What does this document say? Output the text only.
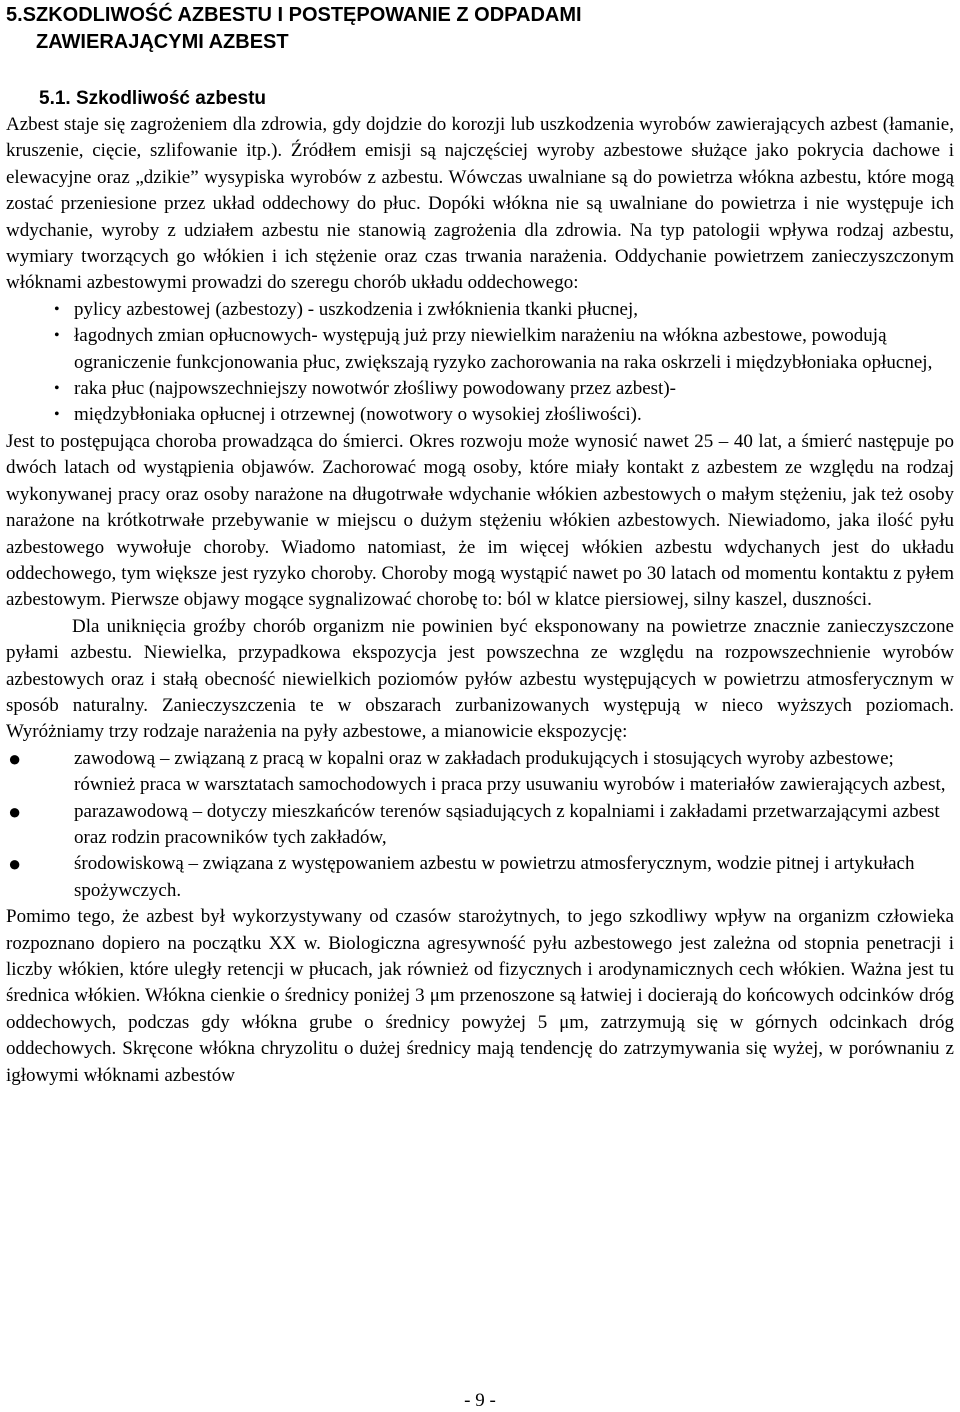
5.SZKODLIWOŚĆ AZBESTU I POSTĘPOWANIE Z ODPADAMI
ZAWIERAJĄCYMI AZBEST
5.1. Szkodliwość azbestu

Azbest staje się zagrożeniem dla zdrowia, gdy dojdzie do korozji lub uszkodzenia wyrobów zawierających azbest (łamanie, kruszenie, cięcie, szlifowanie itp.). Źródłem emisji są najczęściej wyroby azbestowe służące jako pokrycia dachowe i elewacyjne oraz „dzikie” wysypiska wyrobów z azbestu. Wówczas uwalniane są do powietrza włókna azbestu, które mogą zostać przeniesione przez układ oddechowy do płuc. Dopóki włókna nie są uwalniane do powietrza i nie występuje ich wdychanie, wyroby z udziałem azbestu nie stanowią zagrożenia dla zdrowia. Na typ patologii wpływa rodzaj azbestu, wymiary tworzących go włókien i ich stężenie oraz czas trwania narażenia. Oddychanie powietrzem zanieczyszczonym włóknami azbestowymi prowadzi do szeregu chorób układu oddechowego:

• pylicy azbestowej (azbestozy) - uszkodzenia i zwłóknienia tkanki płucnej,
• łagodnych zmian opłucnowych- występują już przy niewielkim narażeniu na włókna azbestowe, powodują ograniczenie funkcjonowania płuc, zwiększają ryzyko zachorowania na raka oskrzeli i międzybłoniaka opłucnej,
• raka płuc (najpowszechniejszy nowotwór złośliwy powodowany przez azbest)-
• międzybłoniaka opłucnej i otrzewnej (nowotwory o wysokiej złośliwości).

Jest to postępująca choroba prowadząca do śmierci. Okres rozwoju może wynosić nawet 25 – 40 lat, a śmierć następuje po dwóch latach od wystąpienia objawów. Zachorować mogą osoby, które miały kontakt z azbestem ze względu na rodzaj wykonywanej pracy oraz osoby narażone na długotrwałe wdychanie włókien azbestowych o małym stężeniu, jak też osoby narażone na krótkotrwałe przebywanie w miejscu o dużym stężeniu włókien azbestowych. Niewiadomo, jaka ilość pyłu azbestowego wywołuje choroby. Wiadomo natomiast, że im więcej włókien azbestu wdychanych jest do układu oddechowego, tym większe jest ryzyko choroby. Choroby mogą wystąpić nawet po 30 latach od momentu kontaktu z pyłem azbestowym. Pierwsze objawy mogące sygnalizować chorobę to: ból w klatce piersiowej, silny kaszel, duszności.

Dla uniknięcia groźby chorób organizm nie powinien być eksponowany na powietrze znacznie zanieczyszczone pyłami azbestu. Niewielka, przypadkowa ekspozycja jest powszechna ze względu na rozpowszechnienie wyrobów azbestowych oraz i stałą obecność niewielkich poziomów pyłów azbestu występujących w powietrzu atmosferycznym w sposób naturalny. Zanieczyszczenia te w obszarach zurbanizowanych występują w nieco wyższych poziomach. Wyróżniamy trzy rodzaje narażenia na pyły azbestowe, a mianowicie ekspozycję:

●	zawodową – związaną z pracą w kopalni oraz w zakładach produkujących i stosujących wyroby azbestowe; również praca w warsztatach samochodowych i praca przy usuwaniu wyrobów i materiałów zawierających azbest,
●	parazawodową – dotyczy mieszkańców terenów sąsiadujących z kopalniami i zakładami przetwarzającymi azbest oraz rodzin pracowników tych zakładów,
●	środowiskową – związana z występowaniem azbestu w powietrzu atmosferycznym, wodzie pitnej i artykułach spożywczych.

Pomimo tego, że azbest był wykorzystywany od czasów starożytnych, to jego szkodliwy wpływ na organizm człowieka rozpoznano dopiero na początku XX w. Biologiczna agresywność pyłu azbestowego jest zależna od stopnia penetracji i liczby włókien, które uległy retencji w płucach, jak również od fizycznych i arodynamicznych cech włókien. Ważna jest tu średnica włókien. Włókna cienkie o średnicy poniżej 3 μm przenoszone są łatwiej i docierają do końcowych odcinków dróg oddechowych, podczas gdy włókna grube o średnicy powyżej 5 μm, zatrzymują się w górnych odcinkach dróg oddechowych. Skręcone włókna chryzolitu o dużej średnicy mają tendencję do zatrzymywania się wyżej, w porównaniu z igłowymi włóknami azbestów

- 9 -
